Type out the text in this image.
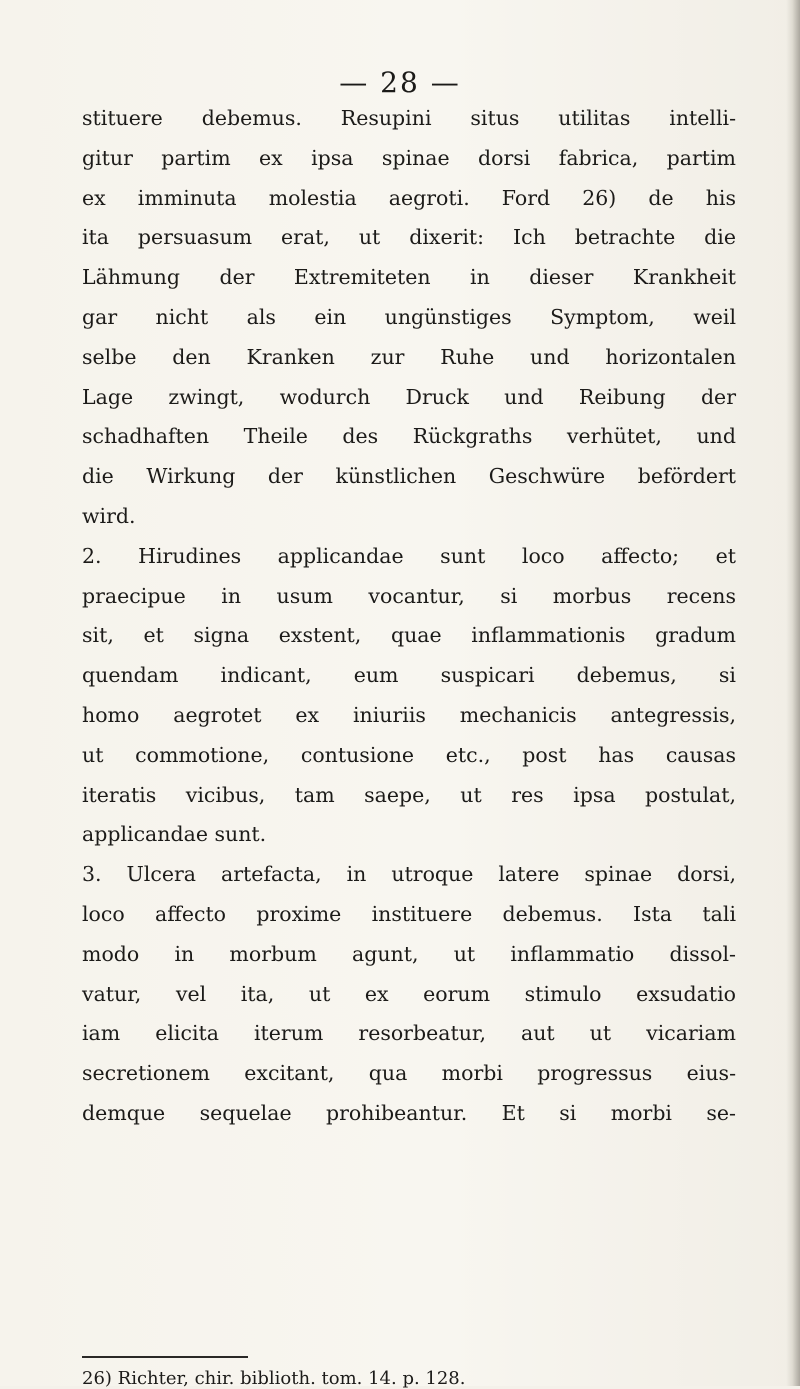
— 28 —
stituere debemus. Resupini situs utilitas intelli-
gitur partim ex ipsa spinae dorsi fabrica, partim
ex imminuta molestia aegroti. Ford 26) de his
ita persuasum erat, ut dixerit: Ich betrachte die
Lähmung der Extremiteten in dieser Krankheit
gar nicht als ein ungünstiges Symptom, weil
selbe den Kranken zur Ruhe und horizontalen
Lage zwingt, wodurch Druck und Reibung der
schadhaften Theile des Rückgraths verhütet, und
die Wirkung der künstlichen Geschwüre befördert
wird.
2. Hirudines applicandae sunt loco affecto; et
praecipue in usum vocantur, si morbus recens
sit, et signa exstent, quae inflammationis gradum
quendam indicant, eum suspicari debemus, si
homo aegrotet ex iniuriis mechanicis antegressis,
ut commotione, contusione etc., post has causas
iteratis vicibus, tam saepe, ut res ipsa postulat,
applicandae sunt.
3. Ulcera artefacta, in utroque latere spinae dorsi,
loco affecto proxime instituere debemus. Ista tali
modo in morbum agunt, ut inflammatio dissol-
vatur, vel ita, ut ex eorum stimulo exsudatio
iam elicita iterum resorbeatur, aut ut vicariam
secretionem excitant, qua morbi progressus eius-
demque sequelae prohibeantur. Et si morbi se-
26) Richter, chir. biblioth. tom. 14. p. 128.
